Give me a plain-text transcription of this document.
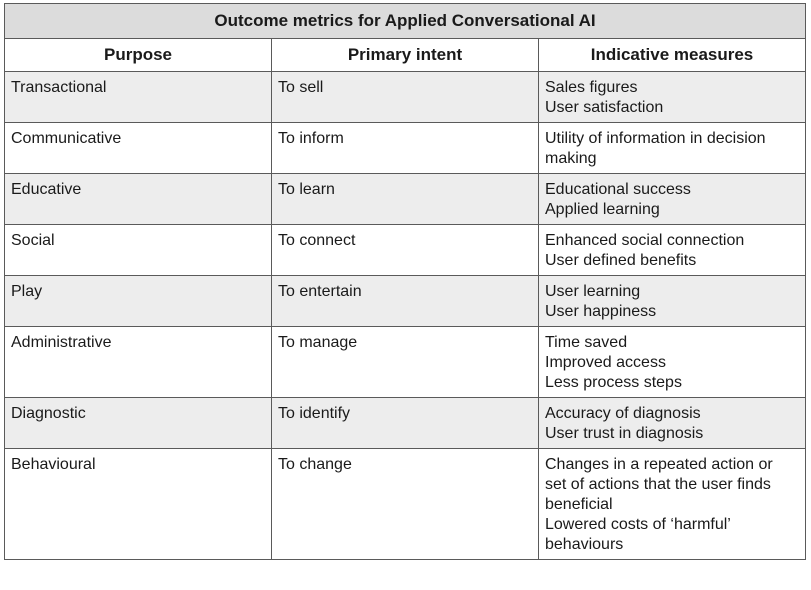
Outcome metrics for Applied Conversational AI		
Purpose	Primary intent	Indicative measures
Transactional	To sell	Sales figures
User satisfaction

Communicative	To inform	Utility of information in decision
making

Educative	To learn	Educational success
Applied learning

Social	To connect	Enhanced social connection
User defined benefits

Play	To entertain	User learning
User happiness

Administrative	To manage	Time saved
Improved access
Less process steps

Diagnostic	To identify	Accuracy of diagnosis
User trust in diagnosis

Behavioural	To change	Changes in a repeated action or
set of actions that the user finds
beneficial
Lowered costs of ‘harmful’
behaviours
